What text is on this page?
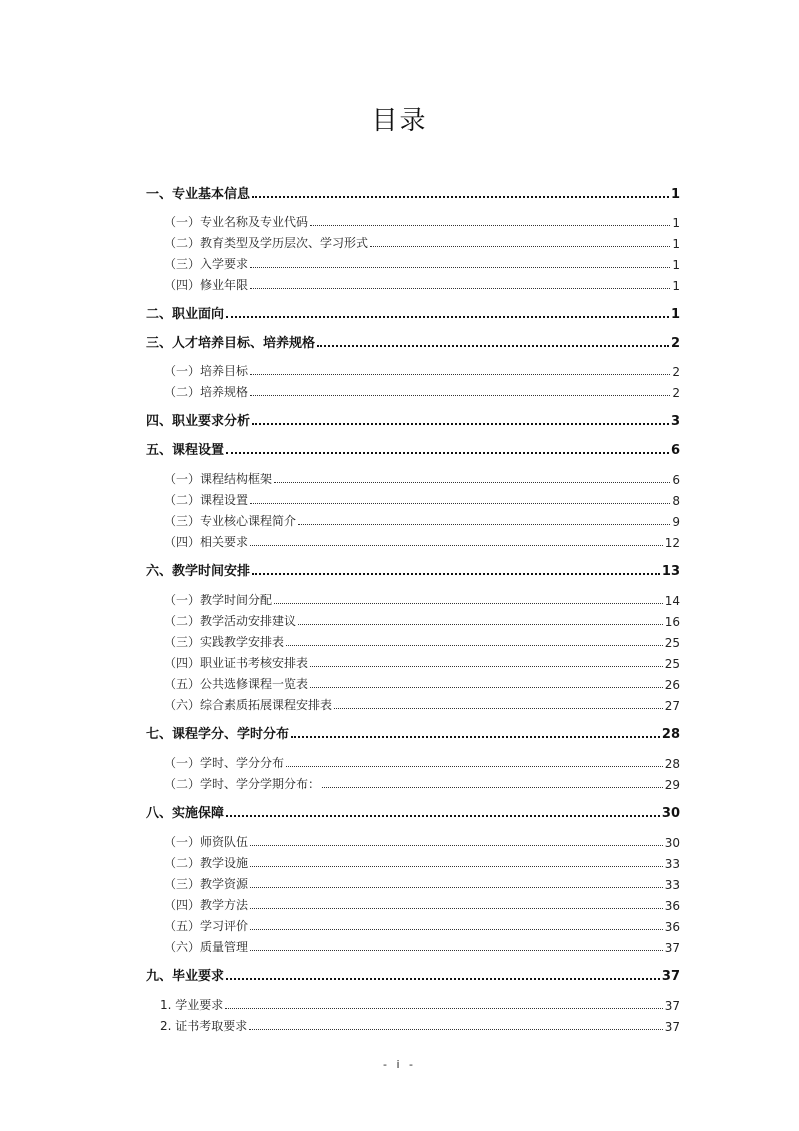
目录
一、专业基本信息	1
（一）专业名称及专业代码	1
（二）教育类型及学历层次、学习形式	1
（三）入学要求	1
（四）修业年限	1
二、职业面向	1
三、人才培养目标、培养规格	2
（一）培养目标	2
（二）培养规格	2
四、职业要求分析	3
五、课程设置	6
（一）课程结构框架	6
（二）课程设置	8
（三）专业核心课程简介	9
（四）相关要求	12
六、教学时间安排	13
（一）教学时间分配	14
（二）教学活动安排建议	16
（三）实践教学安排表	25
（四）职业证书考核安排表	25
（五）公共选修课程一览表	26
（六）综合素质拓展课程安排表	27
七、课程学分、学时分布	28
（一）学时、学分分布	28
（二）学时、学分学期分布：	29
八、实施保障	30
（一）师资队伍	30
（二）教学设施	33
（三）教学资源	33
（四）教学方法	36
（五）学习评价	36
（六）质量管理	37
九、毕业要求	37
1. 学业要求	37
2. 证书考取要求	37
- i -
